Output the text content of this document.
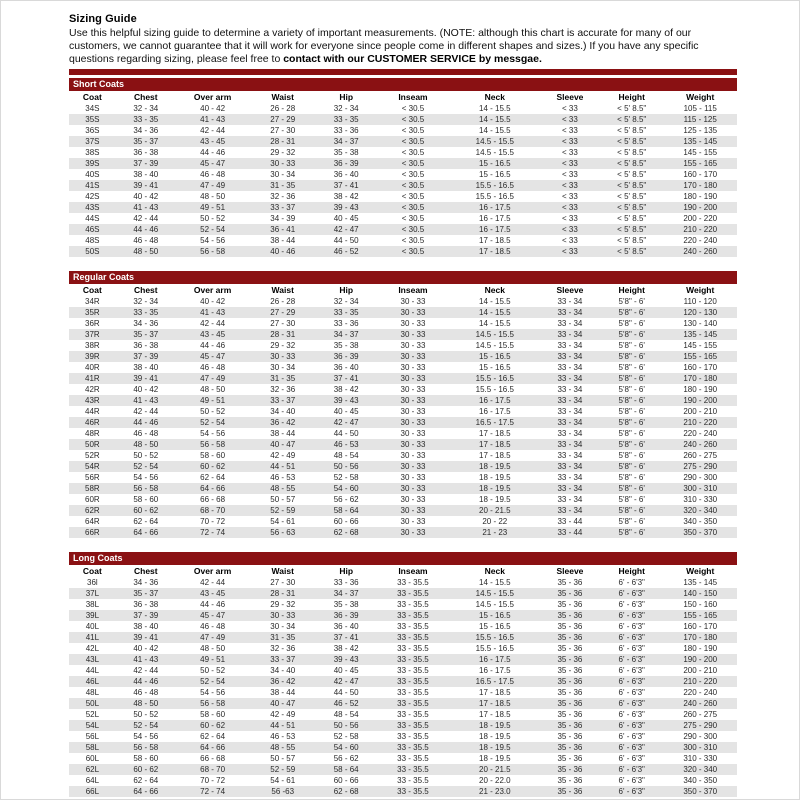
Sizing Guide

Use this helpful sizing guide to determine a variety of important measurements. (NOTE: although this chart is accurate for many of our customers, we cannot guarantee that it will work for everyone since people come in different shapes and sizes.) If you have any specific questions regarding sizing, please feel free to contact with our CUSTOMER SERVICE by messgae.

Short Coats
Coat	Chest	Over arm	Waist	Hip	Inseam	Neck	Sleeve	Height	Weight
34S	32 - 34	40 - 42	26 - 28	32 - 34	< 30.5	14 - 15.5	< 33	< 5' 8.5"	105 - 115
35S	33 - 35	41 - 43	27 - 29	33 - 35	< 30.5	14 - 15.5	< 33	< 5' 8.5"	115 - 125
36S	34 - 36	42 - 44	27 - 30	33 - 36	< 30.5	14 - 15.5	< 33	< 5' 8.5"	125 - 135
37S	35 - 37	43 - 45	28 - 31	34 - 37	< 30.5	14.5 - 15.5	< 33	< 5' 8.5"	135 - 145
38S	36 - 38	44 - 46	29 - 32	35 - 38	< 30.5	14.5 - 15.5	< 33	< 5' 8.5"	145 - 155
39S	37 - 39	45 - 47	30 - 33	36 - 39	< 30.5	15 - 16.5	< 33	< 5' 8.5"	155 - 165
40S	38 - 40	46 - 48	30 - 34	36 - 40	< 30.5	15 - 16.5	< 33	< 5' 8.5"	160 - 170
41S	39 - 41	47 - 49	31 - 35	37 - 41	< 30.5	15.5 - 16.5	< 33	< 5' 8.5"	170 - 180
42S	40 - 42	48 - 50	32 - 36	38 - 42	< 30.5	15.5 - 16.5	< 33	< 5' 8.5"	180 - 190
43S	41 - 43	49 - 51	33 - 37	39 - 43	< 30.5	16 - 17.5	< 33	< 5' 8.5"	190 - 200
44S	42 - 44	50 - 52	34 - 39	40 - 45	< 30.5	16 - 17.5	< 33	< 5' 8.5"	200 - 220
46S	44 - 46	52 - 54	36 - 41	42 - 47	< 30.5	16 - 17.5	< 33	< 5' 8.5"	210 - 220
48S	46 - 48	54 - 56	38 - 44	44 - 50	< 30.5	17 - 18.5	< 33	< 5' 8.5"	220 - 240
50S	48 - 50	56 - 58	40 - 46	46 - 52	< 30.5	17 - 18.5	< 33	< 5' 8.5"	240 - 260
Regular Coats
Coat	Chest	Over arm	Waist	Hip	Inseam	Neck	Sleeve	Height	Weight
34R	32 - 34	40 - 42	26 - 28	32 - 34	30 - 33	14 - 15.5	33 - 34	5'8" - 6'	110 - 120
35R	33 - 35	41 - 43	27 - 29	33 - 35	30 - 33	14 - 15.5	33 - 34	5'8" - 6'	120 - 130
36R	34 - 36	42 - 44	27 - 30	33 - 36	30 - 33	14 - 15.5	33 - 34	5'8" - 6'	130 - 140
37R	35 - 37	43 - 45	28 - 31	34 - 37	30 - 33	14.5 - 15.5	33 - 34	5'8" - 6'	135 - 145
38R	36 - 38	44 - 46	29 - 32	35 - 38	30 - 33	14.5 - 15.5	33 - 34	5'8" - 6'	145 - 155
39R	37 - 39	45 - 47	30 - 33	36 - 39	30 - 33	15 - 16.5	33 - 34	5'8" - 6'	155 - 165
40R	38 - 40	46 - 48	30 - 34	36 - 40	30 - 33	15 - 16.5	33 - 34	5'8" - 6'	160 - 170
41R	39 - 41	47 - 49	31 - 35	37 - 41	30 - 33	15.5 - 16.5	33 - 34	5'8" - 6'	170 - 180
42R	40 - 42	48 - 50	32 - 36	38 - 42	30 - 33	15.5 - 16.5	33 - 34	5'8" - 6'	180 - 190
43R	41 - 43	49 - 51	33 - 37	39 - 43	30 - 33	16 - 17.5	33 - 34	5'8" - 6'	190 - 200
44R	42 - 44	50 - 52	34 - 40	40 - 45	30 - 33	16 - 17.5	33 - 34	5'8" - 6'	200 - 210
46R	44 - 46	52 - 54	36 - 42	42 - 47	30 - 33	16.5 - 17.5	33 - 34	5'8" - 6'	210 - 220
48R	46 - 48	54 - 56	38 - 44	44 - 50	30 - 33	17 - 18.5	33 - 34	5'8" - 6'	220 - 240
50R	48 - 50	56 - 58	40 - 47	46 - 53	30 - 33	17 - 18.5	33 - 34	5'8" - 6'	240 - 260
52R	50 - 52	58 - 60	42 - 49	48 - 54	30 - 33	17 - 18.5	33 - 34	5'8" - 6'	260 - 275
54R	52 - 54	60 - 62	44 - 51	50 - 56	30 - 33	18 - 19.5	33 - 34	5'8" - 6'	275 - 290
56R	54 - 56	62 - 64	46 - 53	52 - 58	30 - 33	18 - 19.5	33 - 34	5'8" - 6'	290 - 300
58R	56 - 58	64 - 66	48 - 55	54 - 60	30 - 33	18 - 19.5	33 - 34	5'8" - 6'	300 - 310
60R	58 - 60	66 - 68	50 - 57	56 - 62	30 - 33	18 - 19.5	33 - 34	5'8" - 6'	310 - 330
62R	60 - 62	68 - 70	52 - 59	58 - 64	30 - 33	20 - 21.5	33 - 34	5'8" - 6'	320 - 340
64R	62 - 64	70 - 72	54 - 61	60 - 66	30 - 33	20 - 22	33 - 44	5'8" - 6'	340 - 350
66R	64 - 66	72 - 74	56 - 63	62 - 68	30 - 33	21 - 23	33 - 44	5'8" - 6'	350 - 370
Long Coats
Coat	Chest	Over arm	Waist	Hip	Inseam	Neck	Sleeve	Height	Weight
36l	34 - 36	42 - 44	27 - 30	33 - 36	33 - 35.5	14 - 15.5	35 - 36	6' - 6'3"	135 - 145
37L	35 - 37	43 - 45	28 - 31	34 - 37	33 - 35.5	14.5 - 15.5	35 - 36	6' - 6'3"	140 - 150
38L	36 - 38	44 - 46	29 - 32	35 - 38	33 - 35.5	14.5 - 15.5	35 - 36	6' - 6'3"	150 - 160
39L	37 - 39	45 - 47	30 - 33	36 - 39	33 - 35.5	15 - 16.5	35 - 36	6' - 6'3"	155 - 165
40L	38 - 40	46 - 48	30 - 34	36 - 40	33 - 35.5	15 - 16.5	35 - 36	6' - 6'3"	160 - 170
41L	39 - 41	47 - 49	31 - 35	37 - 41	33 - 35.5	15.5 - 16.5	35 - 36	6' - 6'3"	170 - 180
42L	40 - 42	48 - 50	32 - 36	38 - 42	33 - 35.5	15.5 - 16.5	35 - 36	6' - 6'3"	180 - 190
43L	41 - 43	49 - 51	33 - 37	39 - 43	33 - 35.5	16 - 17.5	35 - 36	6' - 6'3"	190 - 200
44L	42 - 44	50 - 52	34 - 40	40 - 45	33 - 35.5	16 - 17.5	35 - 36	6' - 6'3"	200 - 210
46L	44 - 46	52 - 54	36 - 42	42 - 47	33 - 35.5	16.5 - 17.5	35 - 36	6' - 6'3"	210 - 220
48L	46 - 48	54 - 56	38 - 44	44 - 50	33 - 35.5	17 - 18.5	35 - 36	6' - 6'3"	220 - 240
50L	48 - 50	56 - 58	40 - 47	46 - 52	33 - 35.5	17 - 18.5	35 - 36	6' - 6'3"	240 - 260
52L	50 - 52	58 - 60	42 - 49	48 - 54	33 - 35.5	17 - 18.5	35 - 36	6' - 6'3"	260 - 275
54L	52 - 54	60 - 62	44 - 51	50 - 56	33 - 35.5	18 - 19.5	35 - 36	6' - 6'3"	275 - 290
56L	54 - 56	62 - 64	46 - 53	52 - 58	33 - 35.5	18 - 19.5	35 - 36	6' - 6'3"	290 - 300
58L	56 - 58	64 - 66	48 - 55	54 - 60	33 - 35.5	18 - 19.5	35 - 36	6' - 6'3"	300 - 310
60L	58 - 60	66 - 68	50 - 57	56 - 62	33 - 35.5	18 - 19.5	35 - 36	6' - 6'3"	310 - 330
62L	60 - 62	68 - 70	52 - 59	58 - 64	33 - 35.5	20 - 21.5	35 - 36	6' - 6'3"	320 - 340
64L	62 - 64	70 - 72	54 - 61	60 - 66	33 - 35.5	20 - 22.0	35 - 36	6' - 6'3"	340 - 350
66L	64 - 66	72 - 74	56 -63	62 - 68	33 - 35.5	21 - 23.0	35 - 36	6' - 6'3"	350 - 370
